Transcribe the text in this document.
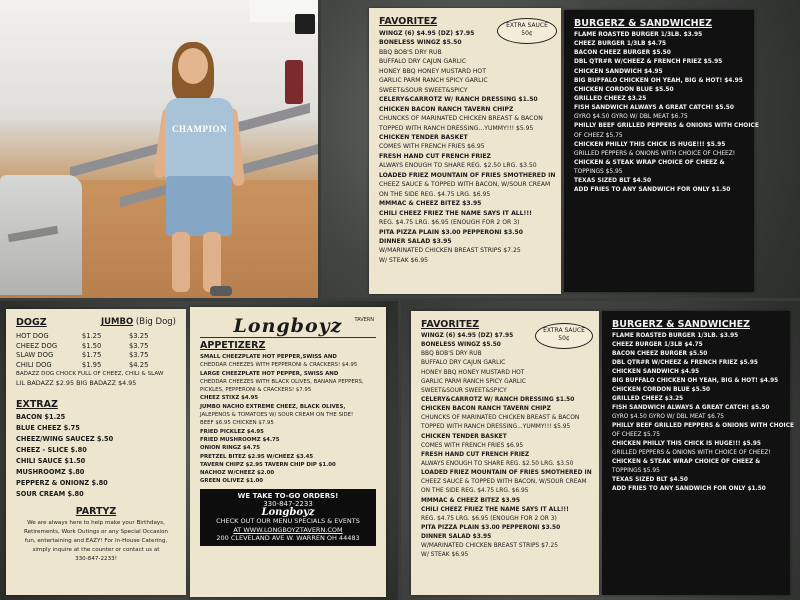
CHAMPION
FAVORITEZ	EXTRA SAUCE
50¢
WINGZ (6) $4.95 (DZ) $7.95
BONELESS WINGZ $5.50
BBQ BOB'S DRY RUB
BUFFALO DRY CAJUN GARLIC
HONEY BBQ HONEY MUSTARD HOT
GARLIC PARM RANCH SPICY GARLIC
SWEET&SOUR SWEET&SPICY
CELERY&CARROTZ W/ RANCH DRESSING $1.50
CHICKEN BACON RANCH TAVERN CHIPZ
CHUNCKS OF MARINATED CHICKEN BREAST & BACON
TOPPED WITH RANCH DRESSING...YUMMY!!! $5.95
CHICKEN TENDER BASKET
COMES WITH FRENCH FRIES $6.95
FRESH HAND CUT FRENCH FRIEZ
ALWAYS ENOUGH TO SHARE REG. $2.50 LRG. $3.50
LOADED FRIEZ MOUNTAIN OF FRIES SMOTHERED IN
CHEEZ SAUCE & TOPPED WITH BACON, W/SOUR CREAM
ON THE SIDE REG. $4.75 LRG. $6.95
MMMAC & CHEEZ BITEZ $3.95
CHILI CHEEZ FRIEZ THE NAME SAYS IT ALL!!!
REG. $4.75 LRG. $6.95 (ENOUGH FOR 2 OR 3)
PITA PIZZA PLAIN $3.00 PEPPERONI $3.50
DINNER SALAD $3.95
W/MARINATED CHICKEN BREAST STRIPS $7.25
W/ STEAK $6.95
BURGERZ & SANDWICHEZ
FLAME ROASTED BURGER 1/3LB. $3.95
CHEEZ BURGER 1/3LB $4.75
BACON CHEEZ BURGER $5.50
DBL QTR#R W/CHEEZ & FRENCH FRIEZ $5.95
CHICKEN SANDWICH $4.95
BIG BUFFALO CHICKEN OH YEAH, BIG & HOT! $4.95
CHICKEN CORDON BLUE $5.50
GRILLED CHEEZ $3.25
FISH SANDWICH ALWAYS A GREAT CATCH! $5.50
GYRO $4.50 GYRO W/ DBL MEAT $6.75
PHILLY BEEF GRILLED PEPPERS & ONIONS WITH CHOICE
OF CHEEZ $5.75
CHICKEN PHILLY THIS CHICK IS HUGE!!! $5.95
GRILLED PEPPERS & ONIONS WITH CHOICE OF CHEEZ!
CHICKEN & STEAK WRAP CHOICE OF CHEEZ &
TOPPINGS $5.95
TEXAS SIZED BLT $4.50
ADD FRIES TO ANY SANDWICH FOR ONLY $1.50
DOGZ	JUMBO (Big Dog)
HOT DOG	$1.25	$3.25
CHEEZ DOG	$1.50	$3.75
SLAW DOG	$1.75	$3.75
CHILI DOG	$1.95	$4.25
BADAZZ DOG CHOCK FULL OF CHEEZ, CHILI & SLAW
LIL BADAZZ $2.95 BIG BADAZZ $4.95
EXTRAZ
BACON $1.25
BLUE CHEEZ $.75
CHEEZ/WING SAUCEZ $.50
CHEEZ - SLICE $.80
CHILI SAUCE $1.50
MUSHROOMZ $.80
PEPPERZ & ONIONZ $.80
SOUR CREAM $.80
PARTYZ
We are always here to help make your Birthdays,
Retirements, Work Outings or any Special Occasion
fun, entertaining and EAZY! For In-House Catering,
simply inquire at the counter or contact us at
330-847-2233!
Longboyz	TAVERN
APPETIZERZ
SMALL CHEEZPLATE HOT PEPPER,SWISS AND
CHEDDAR CHEEZES WITH PEPPERONI & CRACKERS! $4.95
LARGE CHEEZPLATE HOT PEPPER, SWISS AND
CHEDDAR CHEEZES WITH BLACK OLIVES, BANANA PEPPERS,
PICKLES, PEPPERONI & CRACKERS! $7.95
CHEEZ STIXZ $4.95
JUMBO NACHO EXTREME CHEEZ, BLACK OLIVES,
JALEPENOS & TOMATOES W/ SOUR CREAM ON THE SIDE!
BEEF $6.95 CHICKEN $7.95
FRIED PICKLEZ $4.95
FRIED MUSHROOMZ $4.75
ONION RINGZ $4.75
PRETZEL BITEZ $2.95 W/CHEEZ $3.45
TAVERN CHIPZ $2.95 TAVERN CHIP DIP $1.00
NACHOZ W/CHEEZ $2.00
GREEN OLIVEZ $1.00
WE TAKE TO-GO ORDERS!
330-847-2233
Longboyz
CHECK OUT OUR MENU SPECIALS & EVENTS
AT WWW.LONGBOYZTAVERN.COM
200 CLEVELAND AVE W. WARREN OH 44483
FAVORITEZ
EXTRA SAUCE
50¢
WINGZ (6) $4.95 (DZ) $7.95
BONELESS WINGZ $5.50
BBQ BOB'S DRY RUB
BUFFALO DRY CAJUN GARLIC
HONEY BBQ HONEY MUSTARD HOT
GARLIC PARM RANCH SPICY GARLIC
SWEET&SOUR SWEET&SPICY
CELERY&CARROTZ W/ RANCH DRESSING $1.50
CHICKEN BACON RANCH TAVERN CHIPZ
CHUNCKS OF MARINATED CHICKEN BREAST & BACON
TOPPED WITH RANCH DRESSING...YUMMY!!! $5.95
CHICKEN TENDER BASKET
COMES WITH FRENCH FRIES $6.95
FRESH HAND CUT FRENCH FRIEZ
ALWAYS ENOUGH TO SHARE REG. $2.50 LRG. $3.50
LOADED FRIEZ MOUNTAIN OF FRIES SMOTHERED IN
CHEEZ SAUCE & TOPPED WITH BACON, W/SOUR CREAM
ON THE SIDE REG. $4.75 LRG. $6.95
MMMAC & CHEEZ BITEZ $3.95
CHILI CHEEZ FRIEZ THE NAME SAYS IT ALL!!!
REG. $4.75 LRG. $6.95 (ENOUGH FOR 2 OR 3)
PITA PIZZA PLAIN $3.00 PEPPERONI $3.50
DINNER SALAD $3.95
W/MARINATED CHICKEN BREAST STRIPS $7.25
W/ STEAK $6.95
BURGERZ & SANDWICHEZ
FLAME ROASTED BURGER 1/3LB. $3.95
CHEEZ BURGER 1/3LB $4.75
BACON CHEEZ BURGER $5.50
DBL QTR#R W/CHEEZ & FRENCH FRIEZ $5.95
CHICKEN SANDWICH $4.95
BIG BUFFALO CHICKEN OH YEAH, BIG & HOT! $4.95
CHICKEN CORDON BLUE $5.50
GRILLED CHEEZ $3.25
FISH SANDWICH ALWAYS A GREAT CATCH! $5.50
GYRO $4.50 GYRO W/ DBL MEAT $6.75
PHILLY BEEF GRILLED PEPPERS & ONIONS WITH CHOICE
OF CHEEZ $5.75
CHICKEN PHILLY THIS CHICK IS HUGE!!! $5.95
GRILLED PEPPERS & ONIONS WITH CHOICE OF CHEEZ!
CHICKEN & STEAK WRAP CHOICE OF CHEEZ &
TOPPINGS $5.95
TEXAS SIZED BLT $4.50
ADD FRIES TO ANY SANDWICH FOR ONLY $1.50
